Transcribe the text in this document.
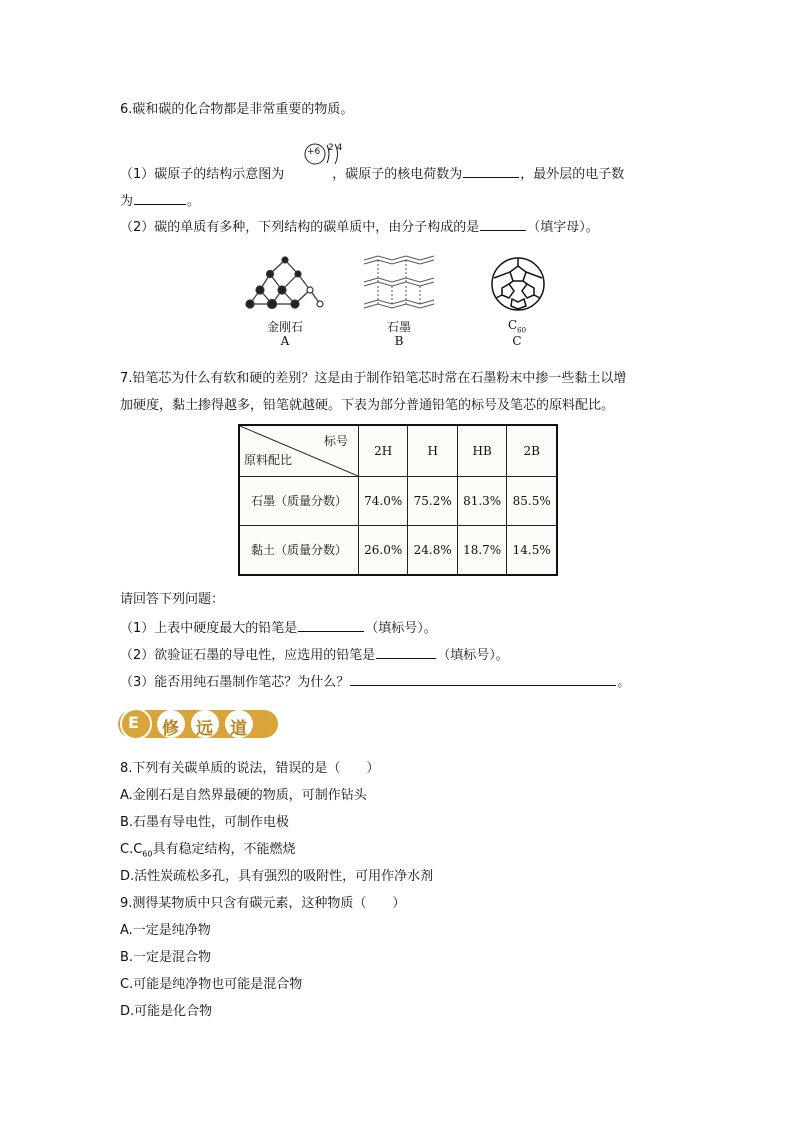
6.碳和碳的化合物都是非常重要的物质。
+6 2 4
（1）碳原子的结构示意图为	，碳原子的核电荷数为	，最外层的电子数
为	。
（2）碳的单质有多种，下列结构的碳单质中，由分子构成的是	（填字母）。
金刚石
A
石墨
B
$C_{60}$
C
7.铅笔芯为什么有软和硬的差别？这是由于制作铅笔芯时常在石墨粉末中掺一些黏土以增
加硬度，黏土掺得越多，铅笔就越硬。下表为部分普通铅笔的标号及笔芯的原料配比。
标号
原料配比	2H	H	HB	2B
石墨（质量分数）	74.0%	75.2%	81.3%	85.5%
黏土（质量分数）	26.0%	24.8%	18.7%	14.5%
请回答下列问题：
（1）上表中硬度最大的铅笔是	（填标号）。
（2）欲验证石墨的导电性，应选用的铅笔是	（填标号）。
（3）能否用纯石墨制作笔芯？为什么？	。
E 修 远 道
8.下列有关碳单质的说法，错误的是（　　）
A.金刚石是自然界最硬的物质，可制作钻头
B.石墨有导电性，可制作电极
$C.C_{60}$具有稳定结构，不能燃烧
D.活性炭疏松多孔，具有强烈的吸附性，可用作净水剂
9.测得某物质中只含有碳元素，这种物质（　　）
A.一定是纯净物
B.一定是混合物
C.可能是纯净物也可能是混合物
D.可能是化合物
